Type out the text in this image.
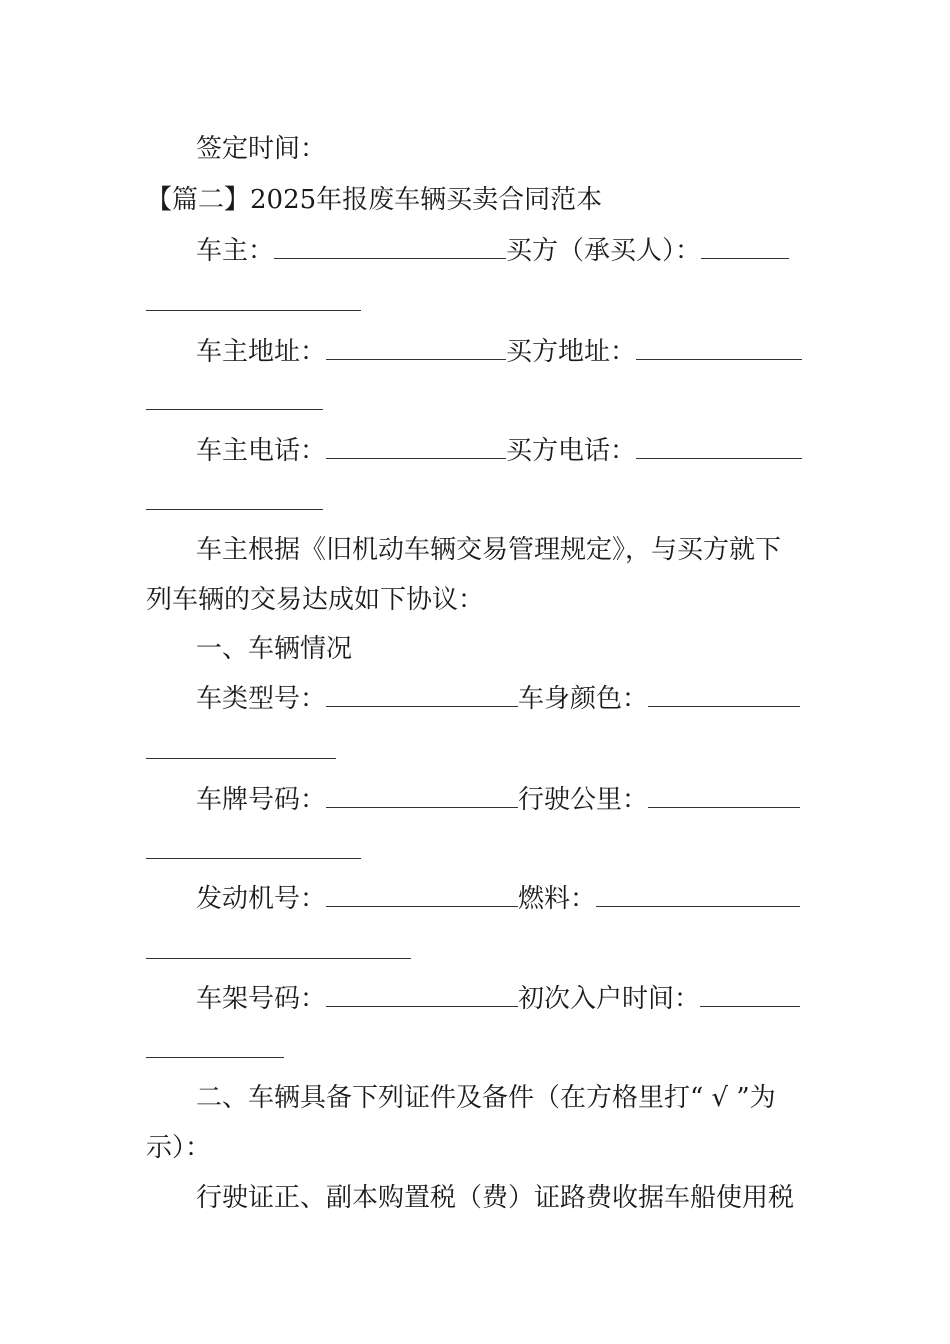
签定时间：
【篇二】2025年报废车辆买卖合同范本
车主：	买方（承买人）：
车主地址：	买方地址：
车主电话：	买方电话：
车主根据《旧机动车辆交易管理规定》，与买方就下
列车辆的交易达成如下协议：
一、车辆情况
车类型号：	车身颜色：
车牌号码：	行驶公里：
发动机号：	燃料：
车架号码：	初次入户时间：
二、车辆具备下列证件及备件（在方格里打“ √ ”为
示）：
行驶证正、副本购置税（费）证路费收据车船使用税
